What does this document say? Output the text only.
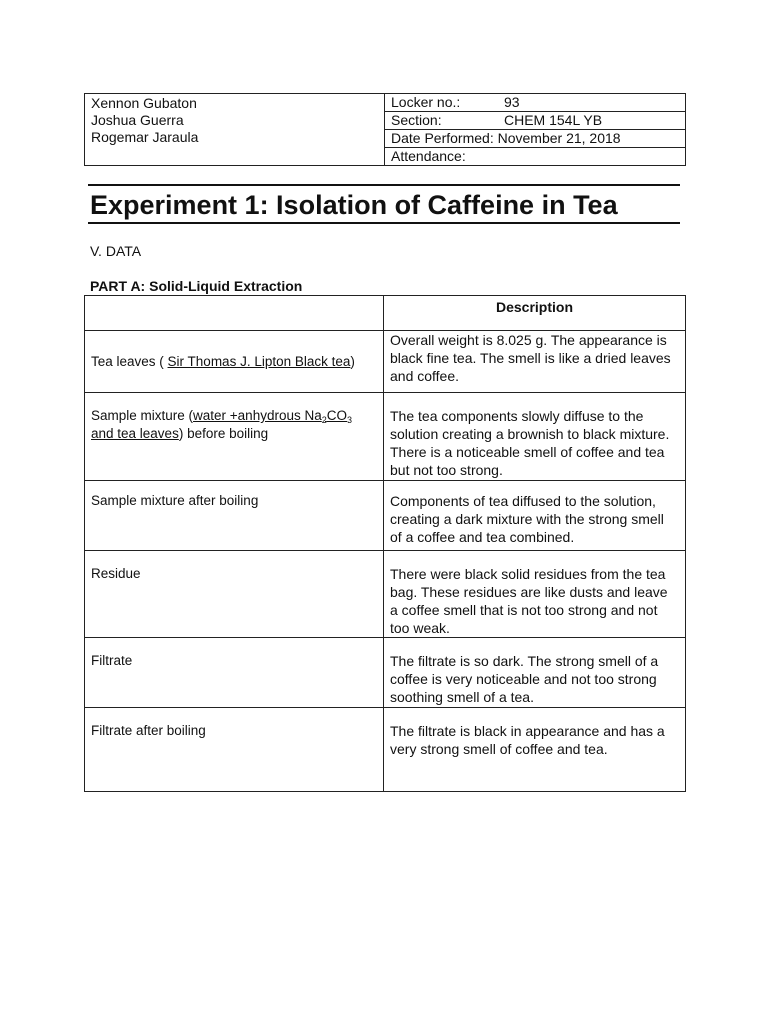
Xennon Gubaton
Joshua Guerra
Rogemar Jaraula
	Locker no.:	93
Section:	CHEM 154L YB
Date Performed: November 21, 2018
Attendance:
Experiment 1: Isolation of Caffeine in Tea
V. DATA
PART A: Solid-Liquid Extraction

	Description

Tea leaves ( Sir Thomas J. Lipton Black tea)	Overall weight is 8.025 g. The appearance is black fine tea. The smell is like a dried leaves and coffee.
Sample mixture (water +anhydrous $Na_2CO_3$
and tea leaves) before boiling	The tea components slowly diffuse to the solution creating a brownish to black mixture. There is a noticeable smell of coffee and tea but not too strong.
Sample mixture after boiling	Components of tea diffused to the solution, creating a dark mixture with the strong smell of a coffee and tea combined.
Residue	There were black solid residues from the tea bag. These residues are like dusts and leave a coffee smell that is not too strong and not too weak.
Filtrate	The filtrate is so dark. The strong smell of a coffee is very noticeable and not too strong soothing smell of a tea.
Filtrate after boiling	The filtrate is black in appearance and has a very strong smell of coffee and tea.
